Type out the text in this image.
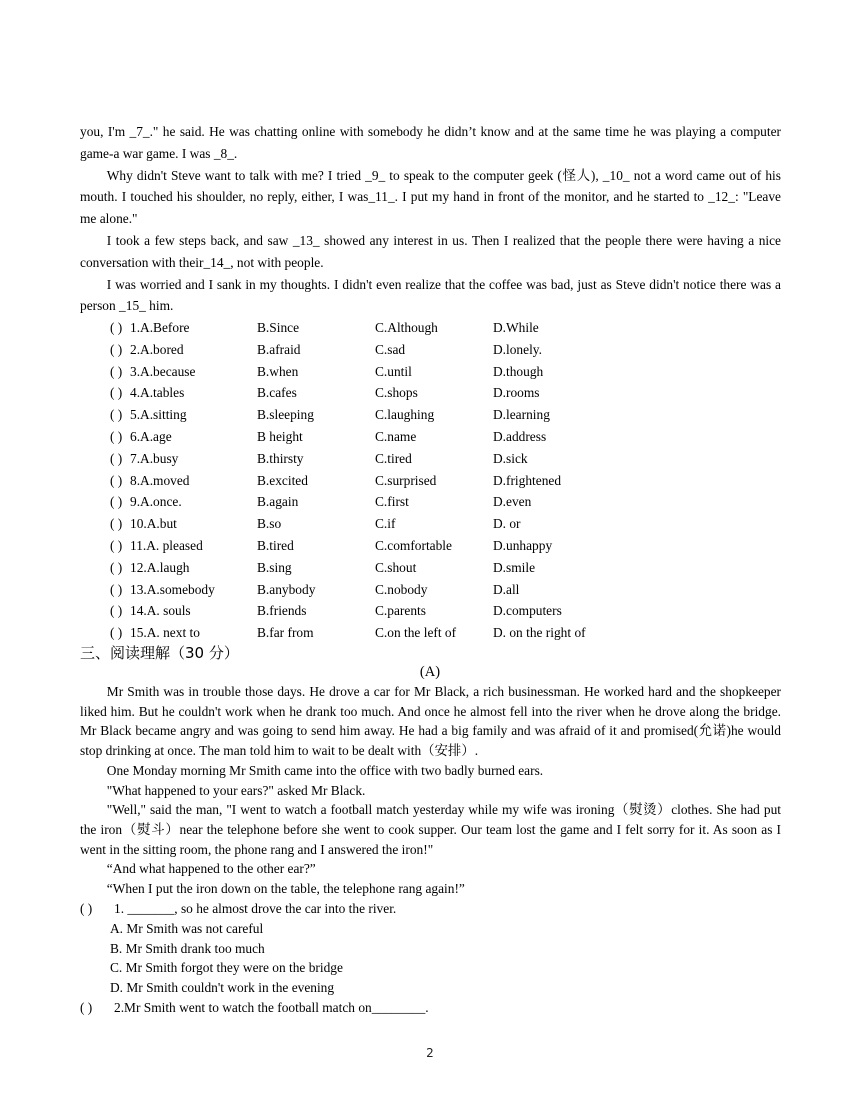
you, I'm _7_." he said. He was chatting online with somebody he didn’t know and at the same time he was playing a computer game-a war game. I was _8_.

Why didn't Steve want to talk with me? I tried _9_ to speak to the computer geek (怪人), _10_ not a word came out of his mouth. I touched his shoulder, no reply, either, I was_11_. I put my hand in front of the monitor, and he started to _12_: "Leave me alone."

I took a few steps back, and saw _13_ showed any interest in us. Then I realized that the people there were having a nice conversation with their_14_, not with people.

I was worried and I sank in my thoughts. I didn't even realize that the coffee was bad, just as Steve didn't notice there was a person _15_ him.

( ) 1.A.Before	B.Since	C.Although	D.While
( ) 2.A.bored	B.afraid	C.sad	D.lonely.
( ) 3.A.because	B.when	C.until	D.though
( ) 4.A.tables	B.cafes	C.shops	D.rooms
( ) 5.A.sitting	B.sleeping	C.laughing	D.learning
( ) 6.A.age	B height	C.name	D.address
( ) 7.A.busy	B.thirsty	C.tired	D.sick
( ) 8.A.moved	B.excited	C.surprised	D.frightened
( ) 9.A.once.	B.again	C.first	D.even
( ) 10.A.but	B.so	C.if	D. or
( ) 11.A. pleased	B.tired	C.comfortable	D.unhappy
( ) 12.A.laugh	B.sing	C.shout	D.smile
( ) 13.A.somebody	B.anybody	C.nobody	D.all
( ) 14.A. souls	B.friends	C.parents	D.computers
( ) 15.A. next to	B.far from	C.on the left of	D. on the right of
三、阅读理解（30 分）
(A)

Mr Smith was in trouble those days. He drove a car for Mr Black, a rich businessman. He worked hard and the shopkeeper liked him. But he couldn't work when he drank too much. And once he almost fell into the river when he drove along the bridge. Mr Black became angry and was going to send him away. He had a big family and was afraid of it and promised(允诺)he would stop drinking at once. The man told him to wait to be dealt with（安排）.

One Monday morning Mr Smith came into the office with two badly burned ears.

"What happened to your ears?" asked Mr Black.

"Well," said the man, "I went to watch a football match yesterday while my wife was ironing（熨烫）clothes. She had put the iron（熨斗）near the telephone before she went to cook supper. Our team lost the game and I felt sorry for it. As soon as I went in the sitting room, the phone rang and I answered the iron!"

“And what happened to the other ear?”

“When I put the iron down on the table, the telephone rang again!”

( ) 1. _______, so he almost drove the car into the river.
A. Mr Smith was not careful
B. Mr Smith drank too much
C. Mr Smith forgot they were on the bridge
D. Mr Smith couldn't work in the evening
( ) 2.Mr Smith went to watch the football match on________.
2
